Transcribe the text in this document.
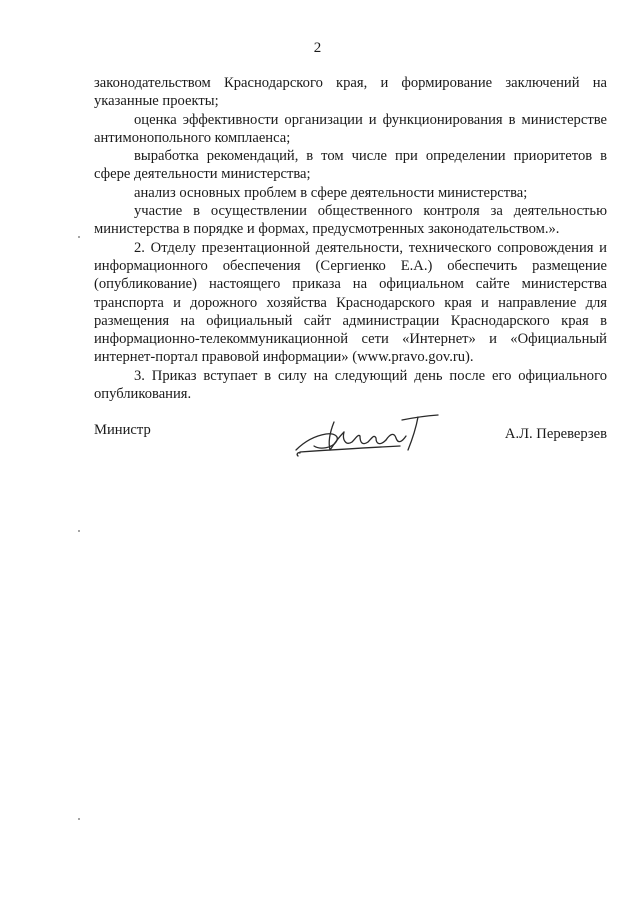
2

законодательством Краснодарского края, и формирование заключений на указанные проекты;

оценка эффективности организации и функционирования в министерстве антимонопольного комплаенса;

выработка рекомендаций, в том числе при определении приоритетов в сфере деятельности министерства;

анализ основных проблем в сфере деятельности министерства;

участие в осуществлении общественного контроля за деятельностью министерства в порядке и формах, предусмотренных законодательством.».

2. Отделу презентационной деятельности, технического сопровождения и информационного обеспечения (Сергиенко Е.А.) обеспечить размещение (опубликование) настоящего приказа на официальном сайте министерства транспорта и дорожного хозяйства Краснодарского края и направление для размещения на официальный сайт администрации Краснодарского края в информационно-телекоммуникационной сети «Интернет» и «Официальный интернет-портал правовой информации» (www.pravo.gov.ru).

3. Приказ вступает в силу на следующий день после его официального опубликования.

Министр	А.Л. Переверзев
